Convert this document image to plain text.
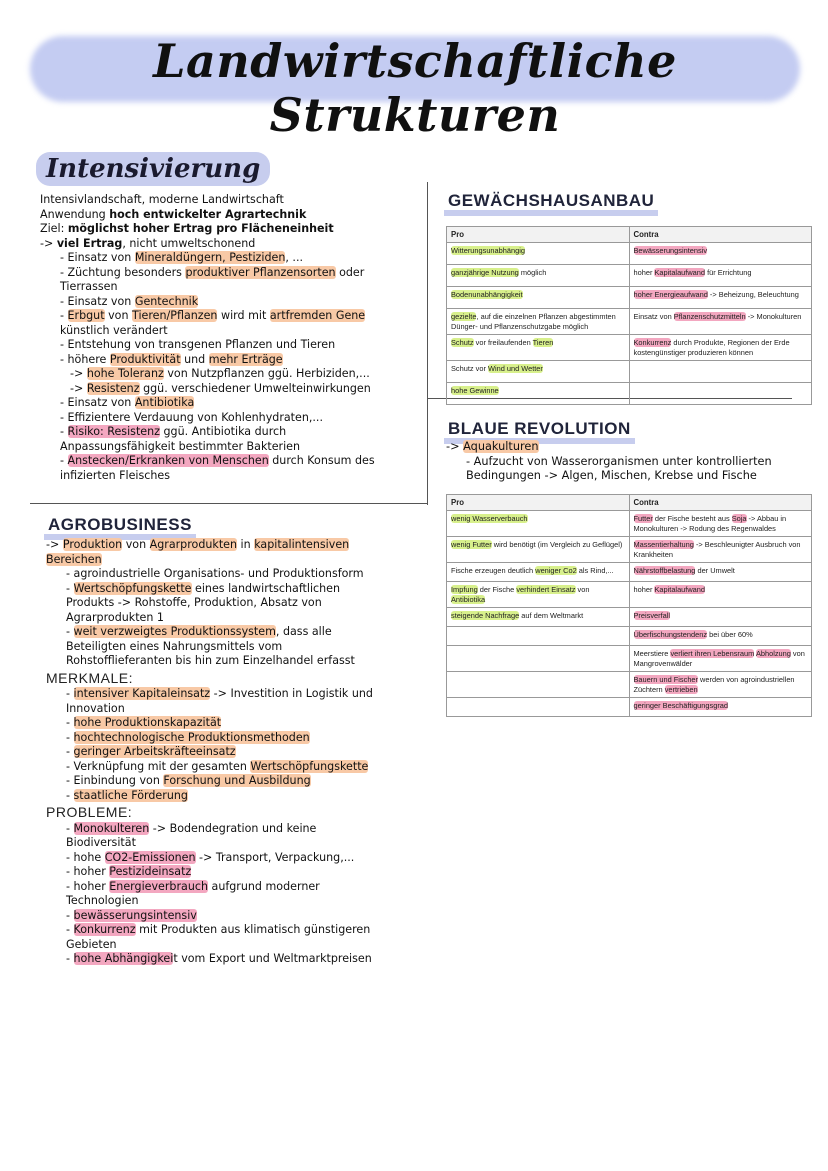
Landwirtschaftliche Strukturen
Intensivierung
Intensivlandschaft, moderne Landwirtschaft
Anwendung hoch entwickelter Agrartechnik
Ziel: möglichst hoher Ertrag pro Flächeneinheit
-> viel Ertrag, nicht umweltschonend
- Einsatz von Mineraldüngern, Pestiziden, ...
- Züchtung besonders produktiver Pflanzensorten oder
Tierrassen
- Einsatz von Gentechnik
- Erbgut von Tieren/Pflanzen wird mit artfremden Gene
künstlich verändert
- Entstehung von transgenen Pflanzen und Tieren
- höhere Produktivität und mehr Erträge
-> hohe Toleranz von Nutzpflanzen ggü. Herbiziden,...
-> Resistenz ggü. verschiedener Umwelteinwirkungen
- Einsatz von Antibiotika
- Effizientere Verdauung von Kohlenhydraten,...
- Risiko: Resistenz ggü. Antibiotika durch
Anpassungsfähigkeit bestimmter Bakterien
- Anstecken/Erkranken von Menschen durch Konsum des
infizierten Fleisches
GEWÄCHSHAUSANBAU
Pro	Contra
Witterungsunabhängig	Bewässerungsintensiv
ganzjährige Nutzung möglich	hoher Kapitalaufwand für Errichtung
Bodenunabhängigkeit	hoher Energieaufwand -> Beheizung, Beleuchtung
gezielte, auf die einzelnen Pflanzen abgestimmten Dünger- und Pflanzenschutzgabe möglich	Einsatz von Pflanzenschutzmitteln -> Monokulturen
Schutz vor freilaufenden Tieren	Konkurrenz durch Produkte, Regionen der Erde kostengünstiger produzieren können
Schutz vor Wind und Wetter	
hohe Gewinne	
BLAUE REVOLUTION
-> Aquakulturen
- Aufzucht von Wasserorganismen unter kontrollierten
Bedingungen -> Algen, Mischen, Krebse und Fische
Pro	Contra
wenig Wasserverbauch	Futter der Fische besteht aus Soja -> Abbau in Monokulturen -> Rodung des Regenwaldes
wenig Futter wird benötigt (im Vergleich zu Geflügel)	Massentierhaltung -> Beschleunigter Ausbruch von Krankheiten
Fische erzeugen deutlich weniger Co2 als Rind,...	Nährstoffbelastung der Umwelt
Impfung der Fische verhindert Einsatz von Antibiotika	hoher Kapitalaufwand
steigende Nachfrage auf dem Weltmarkt	Preisverfall
	Überfischungstendenz bei über 60%
	Meerstiere verliert ihren Lebensraum Abholzung von Mangrovenwälder
	Bauern und Fischer werden von agroindustriellen Züchtern vertrieben
	geringer Beschäftigungsgrad
AGROBUSINESS
-> Produktion von Agrarprodukten in kapitalintensiven
Bereichen
- agroindustrielle Organisations- und Produktionsform
- Wertschöpfungskette eines landwirtschaftlichen
Produkts -> Rohstoffe, Produktion, Absatz von
Agrarprodukten 1
- weit verzweigtes Produktionssystem, dass alle
Beteiligten eines Nahrungsmittels vom
Rohstofflieferanten bis hin zum Einzelhandel erfasst
MERKMALE:
- intensiver Kapitaleinsatz -> Investition in Logistik und
Innovation
- hohe Produktionskapazität
- hochtechnologische Produktionsmethoden
- geringer Arbeitskräfteeinsatz
- Verknüpfung mit der gesamten Wertschöpfungskette
- Einbindung von Forschung und Ausbildung
- staatliche Förderung
PROBLEME:
- Monokulteren -> Bodendegration und keine
Biodiversität
- hohe CO2-Emissionen -> Transport, Verpackung,...
- hoher Pestizideinsatz
- hoher Energieverbrauch aufgrund moderner
Technologien
- bewässerungsintensiv
- Konkurrenz mit Produkten aus klimatisch günstigeren
Gebieten
- hohe Abhängigkeit vom Export und Weltmarktpreisen
